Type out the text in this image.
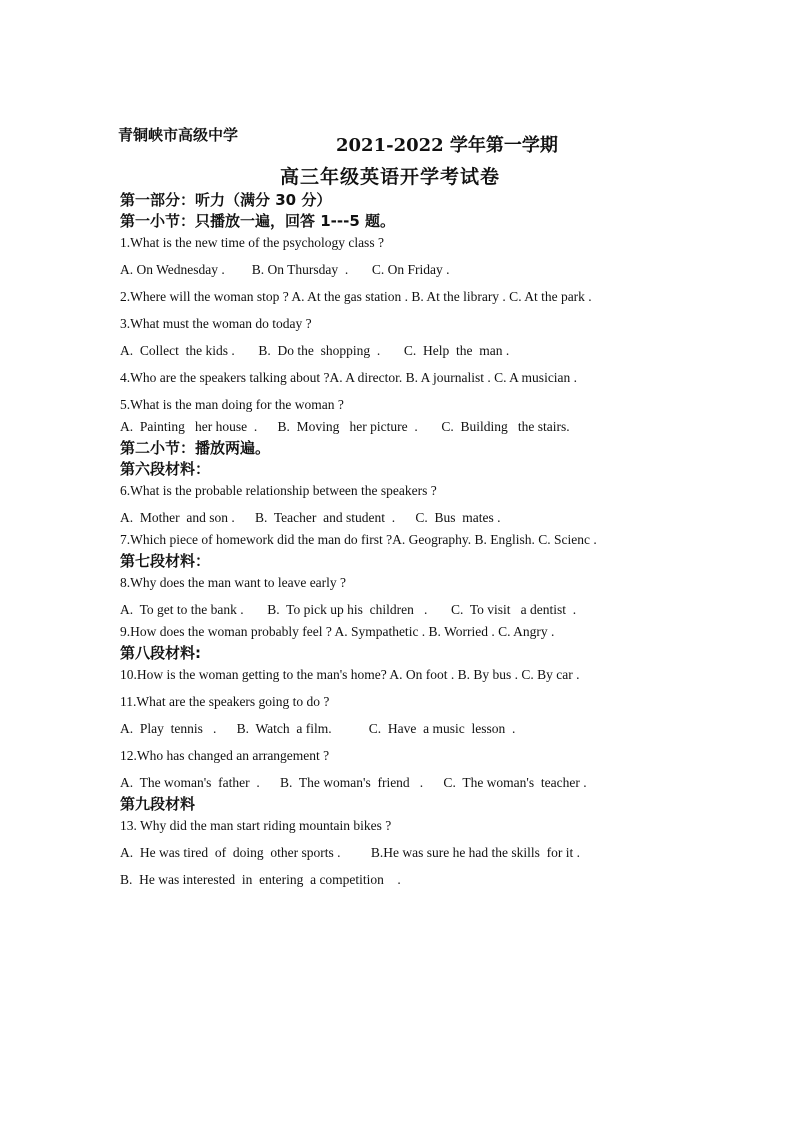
青铜峡市高级中学	2021-2022 学年第一学期
高三年级英语开学考试卷
第一部分：听力（满分 30 分）
第一小节：只播放一遍，回答 1---5 题。
1.What is the new time of the psychology class ?
A. On Wednesday .        B. On Thursday  .       C. On Friday .
2.Where will the woman stop ? A. At the gas station . B. At the library . C. At the park .
3.What must the woman do today ?
A.  Collect  the kids .       B.  Do the  shopping  .       C.  Help  the  man .
4.Who are the speakers talking about ?A. A director. B. A journalist . C. A musician .
5.What is the man doing for the woman ?
A.  Painting   her house  .      B.  Moving   her picture  .       C.  Building   the stairs.
第二小节：播放两遍。
第六段材料：
6.What is the probable relationship between the speakers ?
A.  Mother  and son .      B.  Teacher  and student  .      C.  Bus  mates .
7.Which piece of homework did the man do first ?A. Geography. B. English. C. Scienc .
第七段材料：
8.Why does the man want to leave early ?
A.  To get to the bank .       B.  To pick up his  children   .       C.  To visit   a dentist  .
9.How does the woman probably feel ? A. Sympathetic . B. Worried . C. Angry .
第八段材料:
10.How is the woman getting to the man's home? A. On foot . B. By bus . C. By car .
11.What are the speakers going to do ?
A.  Play  tennis   .      B.  Watch  a film.           C.  Have  a music  lesson  .
12.Who has changed an arrangement ?
A.  The woman's  father  .      B.  The woman's  friend   .      C.  The woman's  teacher .
第九段材料
13. Why did the man start riding mountain bikes ?
A.  He was tired  of  doing  other sports .         B.He was sure he had the skills  for it .
B.  He was interested  in  entering  a competition    .
